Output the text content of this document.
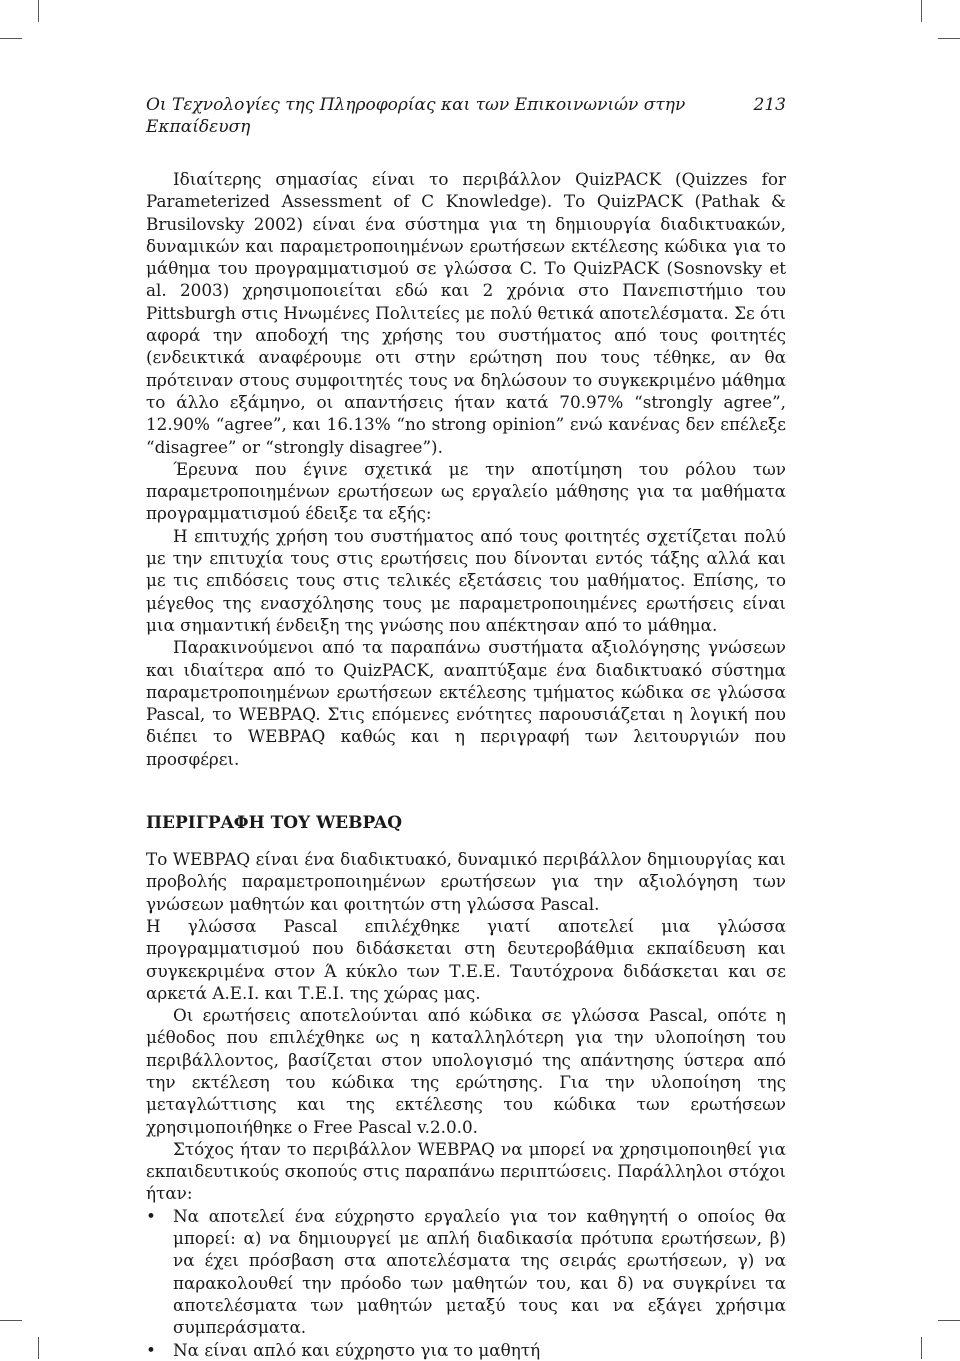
Οι Τεχνολογίες της Πληροφορίας και των Επικοινωνιών στην Εκπαίδευση
213

Ιδιαίτερης σημασίας είναι το περιβάλλον QuizPACK (Quizzes for Parameterized Assessment of C Knowledge). Το QuizPACK (Pathak & Brusilovsky 2002) είναι ένα σύστημα για τη δημιουργία διαδικτυακών, δυναμικών και παραμετροποιημένων ερωτήσεων εκτέλεσης κώδικα για το μάθημα του προγραμματισμού σε γλώσσα C. Το QuizPACK (Sosnovsky et al. 2003) χρησιμοποιείται εδώ και 2 χρόνια στο Πανεπιστήμιο του Pittsburgh στις Ηνωμένες Πολιτείες με πολύ θετικά αποτελέσματα. Σε ότι αφορά την αποδοχή της χρήσης του συστήματος από τους φοιτητές (ενδεικτικά αναφέρουμε οτι στην ερώτηση που τους τέθηκε, αν θα πρότειναν στους συμφοιτητές τους να δηλώσουν το συγκεκριμένο μάθημα το άλλο εξάμηνο, οι απαντήσεις ήταν κατά 70.97% “strongly agree”, 12.90% “agree”, και 16.13% “no strong opinion” ενώ κανένας δεν επέλεξε “disagree” or “strongly disagree”).

Έρευνα που έγινε σχετικά με την αποτίμηση του ρόλου των παραμετροποιημένων ερωτήσεων ως εργαλείο μάθησης για τα μαθήματα προγραμματισμού έδειξε τα εξής:

Η επιτυχής χρήση του συστήματος από τους φοιτητές σχετίζεται πολύ με την επιτυχία τους στις ερωτήσεις που δίνονται εντός τάξης αλλά και με τις επιδόσεις τους στις τελικές εξετάσεις του μαθήματος. Επίσης, το μέγεθος της ενασχόλησης τους με παραμετροποιημένες ερωτήσεις είναι μια σημαντική ένδειξη της γνώσης που απέκτησαν από το μάθημα.

Παρακινούμενοι από τα παραπάνω συστήματα αξιολόγησης γνώσεων και ιδιαίτερα από το QuizPACK, αναπτύξαμε ένα διαδικτυακό σύστημα παραμετροποιημένων ερωτήσεων εκτέλεσης τμήματος κώδικα σε γλώσσα Pascal, το WEBPAQ. Στις επόμενες ενότητες παρουσιάζεται η λογική που διέπει το WEBPAQ καθώς και η περιγραφή των λειτουργιών που προσφέρει.

ΠΕΡΙΓΡΑΦΗ ΤΟΥ WEBPAQ

Το WEBPAQ είναι ένα διαδικτυακό, δυναμικό περιβάλλον δημιουργίας και προβολής παραμετροποιημένων ερωτήσεων για την αξιολόγηση των γνώσεων μαθητών και φοιτητών στη γλώσσα Pascal.

Η γλώσσα Pascal επιλέχθηκε γιατί αποτελεί μια γλώσσα προγραμματισμού που διδάσκεται στη δευτεροβάθμια εκπαίδευση και συγκεκριμένα στον Ά κύκλο των Τ.Ε.Ε. Ταυτόχρονα διδάσκεται και σε αρκετά Α.Ε.Ι. και Τ.Ε.Ι. της χώρας μας.

Οι ερωτήσεις αποτελούνται από κώδικα σε γλώσσα Pascal, οπότε η μέθοδος που επιλέχθηκε ως η καταλληλότερη για την υλοποίηση του περιβάλλοντος, βασίζεται στον υπολογισμό της απάντησης ύστερα από την εκτέλεση του κώδικα της ερώτησης. Για την υλοποίηση της μεταγλώττισης και της εκτέλεσης του κώδικα των ερωτήσεων χρησιμοποιήθηκε ο Free Pascal v.2.0.0.

Στόχος ήταν το περιβάλλον WEBPAQ να μπορεί να χρησιμοποιηθεί για εκπαιδευτικούς σκοπούς στις παραπάνω περιπτώσεις. Παράλληλοι στόχοι ήταν:

• Να αποτελεί ένα εύχρηστο εργαλείο για τον καθηγητή ο οποίος θα μπορεί: α) να δημιουργεί με απλή διαδικασία πρότυπα ερωτήσεων, β) να έχει πρόσβαση στα αποτελέσματα της σειράς ερωτήσεων, γ) να παρακολουθεί την πρόοδο των μαθητών του, και δ) να συγκρίνει τα αποτελέσματα των μαθητών μεταξύ τους και να εξάγει χρήσιμα συμπεράσματα.
• Να είναι απλό και εύχρηστο για το μαθητή
